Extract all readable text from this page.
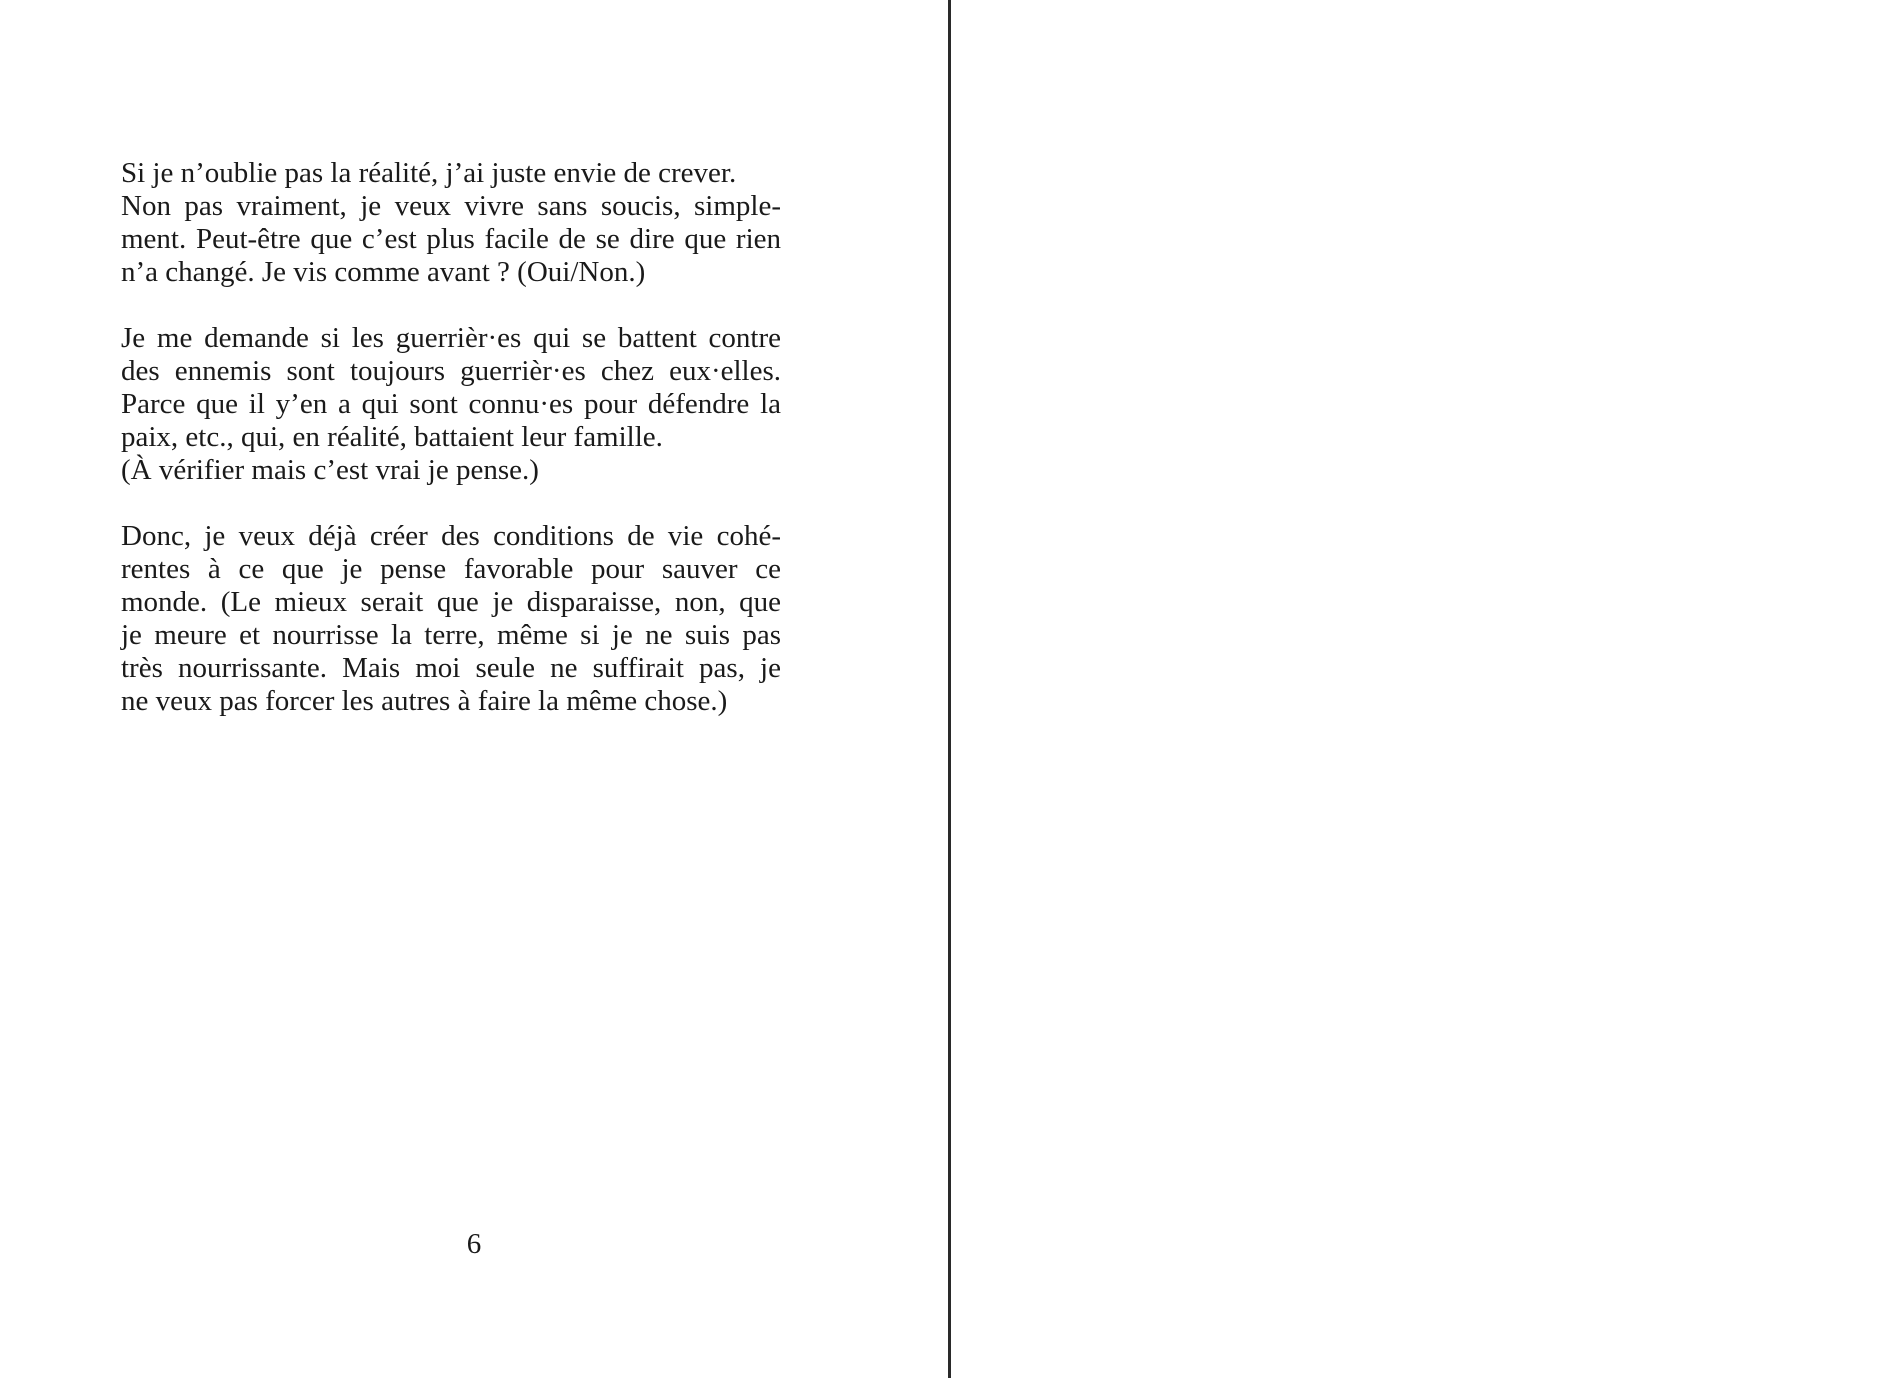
Si je n’oublie pas la réalité, j’ai juste envie de crever.
Non pas vraiment, je veux vivre sans soucis, simple-
ment. Peut-être que c’est plus facile de se dire que rien
n’a changé. Je vis comme avant ? (Oui/Non.)

Je me demande si les guerrièr·es qui se battent contre
des ennemis sont toujours guerrièr·es chez eux·elles.
Parce que il y’en a qui sont connu·es pour défendre la
paix, etc., qui, en réalité, battaient leur famille.
(À vérifier mais c’est vrai je pense.)

Donc, je veux déjà créer des conditions de vie cohé-
rentes à ce que je pense favorable pour sauver ce
monde. (Le mieux serait que je disparaisse, non, que
je meure et nourrisse la terre, même si je ne suis pas
très nourrissante. Mais moi seule ne suffirait pas, je
ne veux pas forcer les autres à faire la même chose.)

6
